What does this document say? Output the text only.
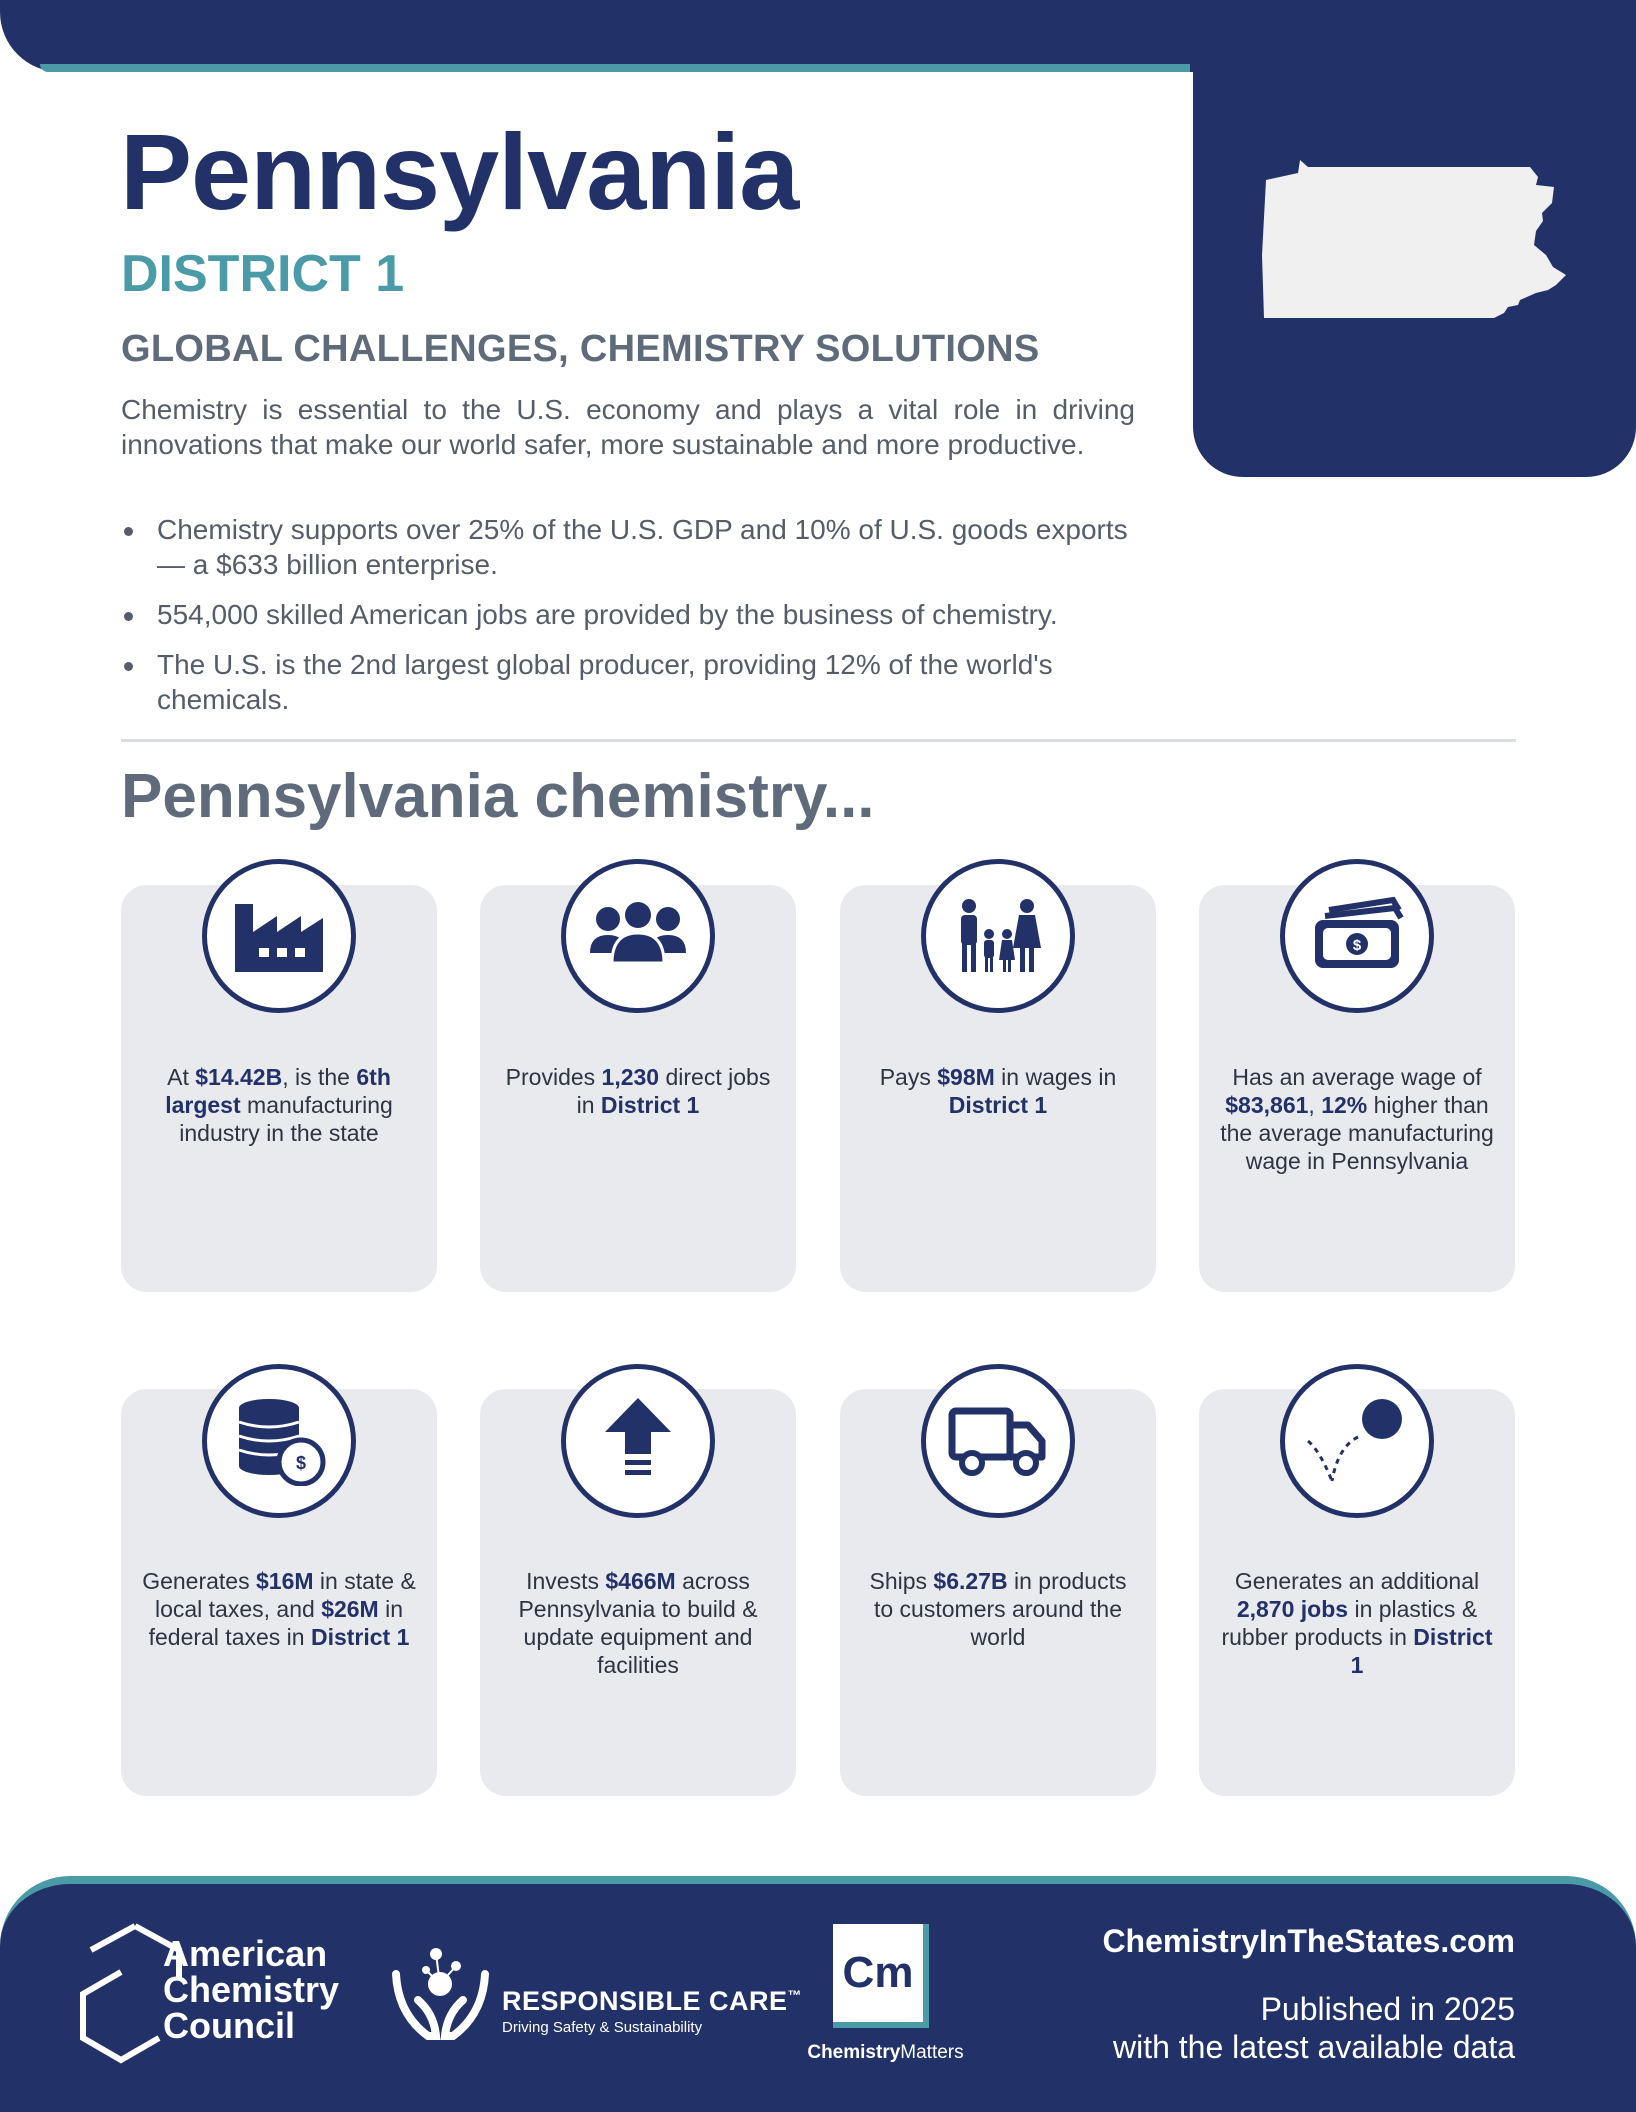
Pennsylvania
DISTRICT 1
GLOBAL CHALLENGES, CHEMISTRY SOLUTIONS

Chemistry is essential to the U.S. economy and plays a vital role in driving innovations that make our world safer, more sustainable and more productive.

Chemistry supports over 25% of the U.S. GDP and 10% of U.S. goods exports — a $633 billion enterprise.
554,000 skilled American jobs are provided by the business of chemistry.
The U.S. is the 2nd largest global producer, providing 12% of the world's chemicals.
Pennsylvania chemistry...
$
$
At $14.42B, is the 6th largest manufacturing industry in the state
Provides 1,230 direct jobs in District 1
Pays $98M in wages in District 1
Has an average wage of $83,861, 12% higher than the average manufacturing wage in Pennsylvania
Generates $16M in state & local taxes, and $26M in federal taxes in District 1
Invests $466M across Pennsylvania to build & update equipment and facilities
Ships $6.27B in products to customers around the world
Generates an additional 2,870 jobs in plastics & rubber products in District 1
American
Chemistry
Council
RESPONSIBLE CARE™
Driving Safety & Sustainability
Cm
ChemistryMatters
ChemistryInTheStates.com
Published in 2025
with the latest available data
